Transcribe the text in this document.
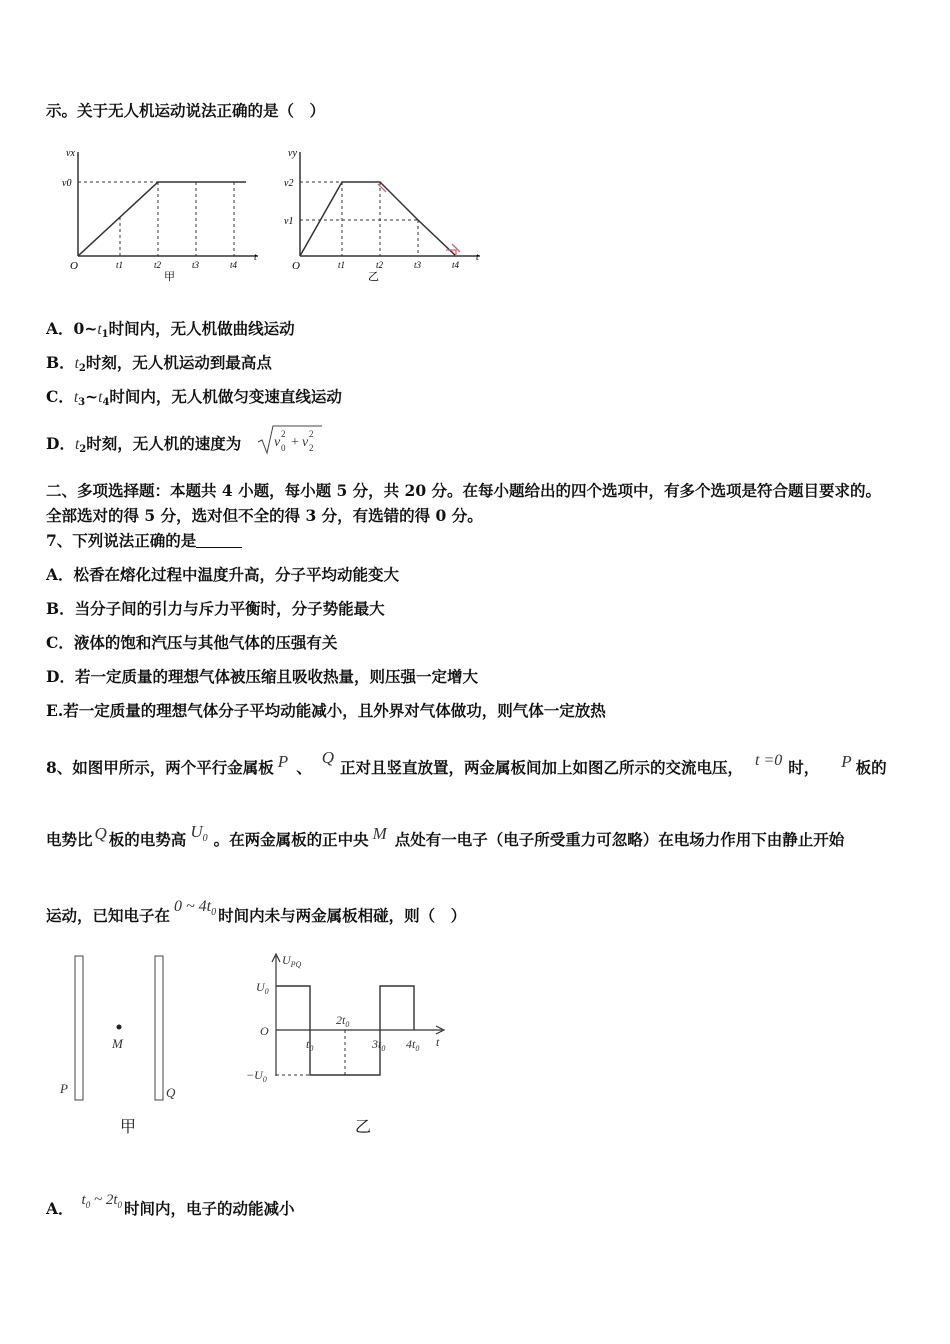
示。关于无人机运动说法正确的是（　）
vx
v0
O	t1	t2	t3	t4
t
甲
vy
v2
v1
O	t1	t2	t3	t4
t
乙
A．$0\sim t_1$时间内，无人机做曲线运动
B．$t_2$时刻，无人机运动到最高点
C．$t_3\sim t_4$时间内，无人机做匀变速直线运动
D．$t_2$时刻，无人机的速度为 v
2
0 + v
2
2
二、多项选择题：本题共 4 小题，每小题 5 分，共 20 分。在每小题给出的四个选项中，有多个选项是符合题目要求的。
全部选对的得 5 分，选对但不全的得 3 分，有选错的得 0 分。
7、下列说法正确的是
A．松香在熔化过程中温度升高，分子平均动能变大
B．当分子间的引力与斥力平衡时，分子势能最大
C．液体的饱和汽压与其他气体的压强有关
D．若一定质量的理想气体被压缩且吸收热量，则压强一定增大
E.若一定质量的理想气体分子平均动能减小，且外界对气体做功，则气体一定放热
8、如图甲所示，两个平行金属板 P 、Q正对且竖直放置，两金属板间加上如图乙所示的交流电压， t =0 时， P 板的
电势比 Q 板的电势高 $U^0$ 。在两金属板的正中央 M 点处有一电子（电子所受重力可忽略）在电场力作用下由静止开始
运动，已知电子在 0 ~ $4t^0$ 时间内未与两金属板相碰，则（　）
M
P	Q
甲
$U_{PQ}$
$U_0$
O
$-U_0$
$t_0$
$2t_0$
$3t_0$ $4t_0$ t
乙
A． $t^0$ ~ $2t^0$ 时间内，电子的动能减小
